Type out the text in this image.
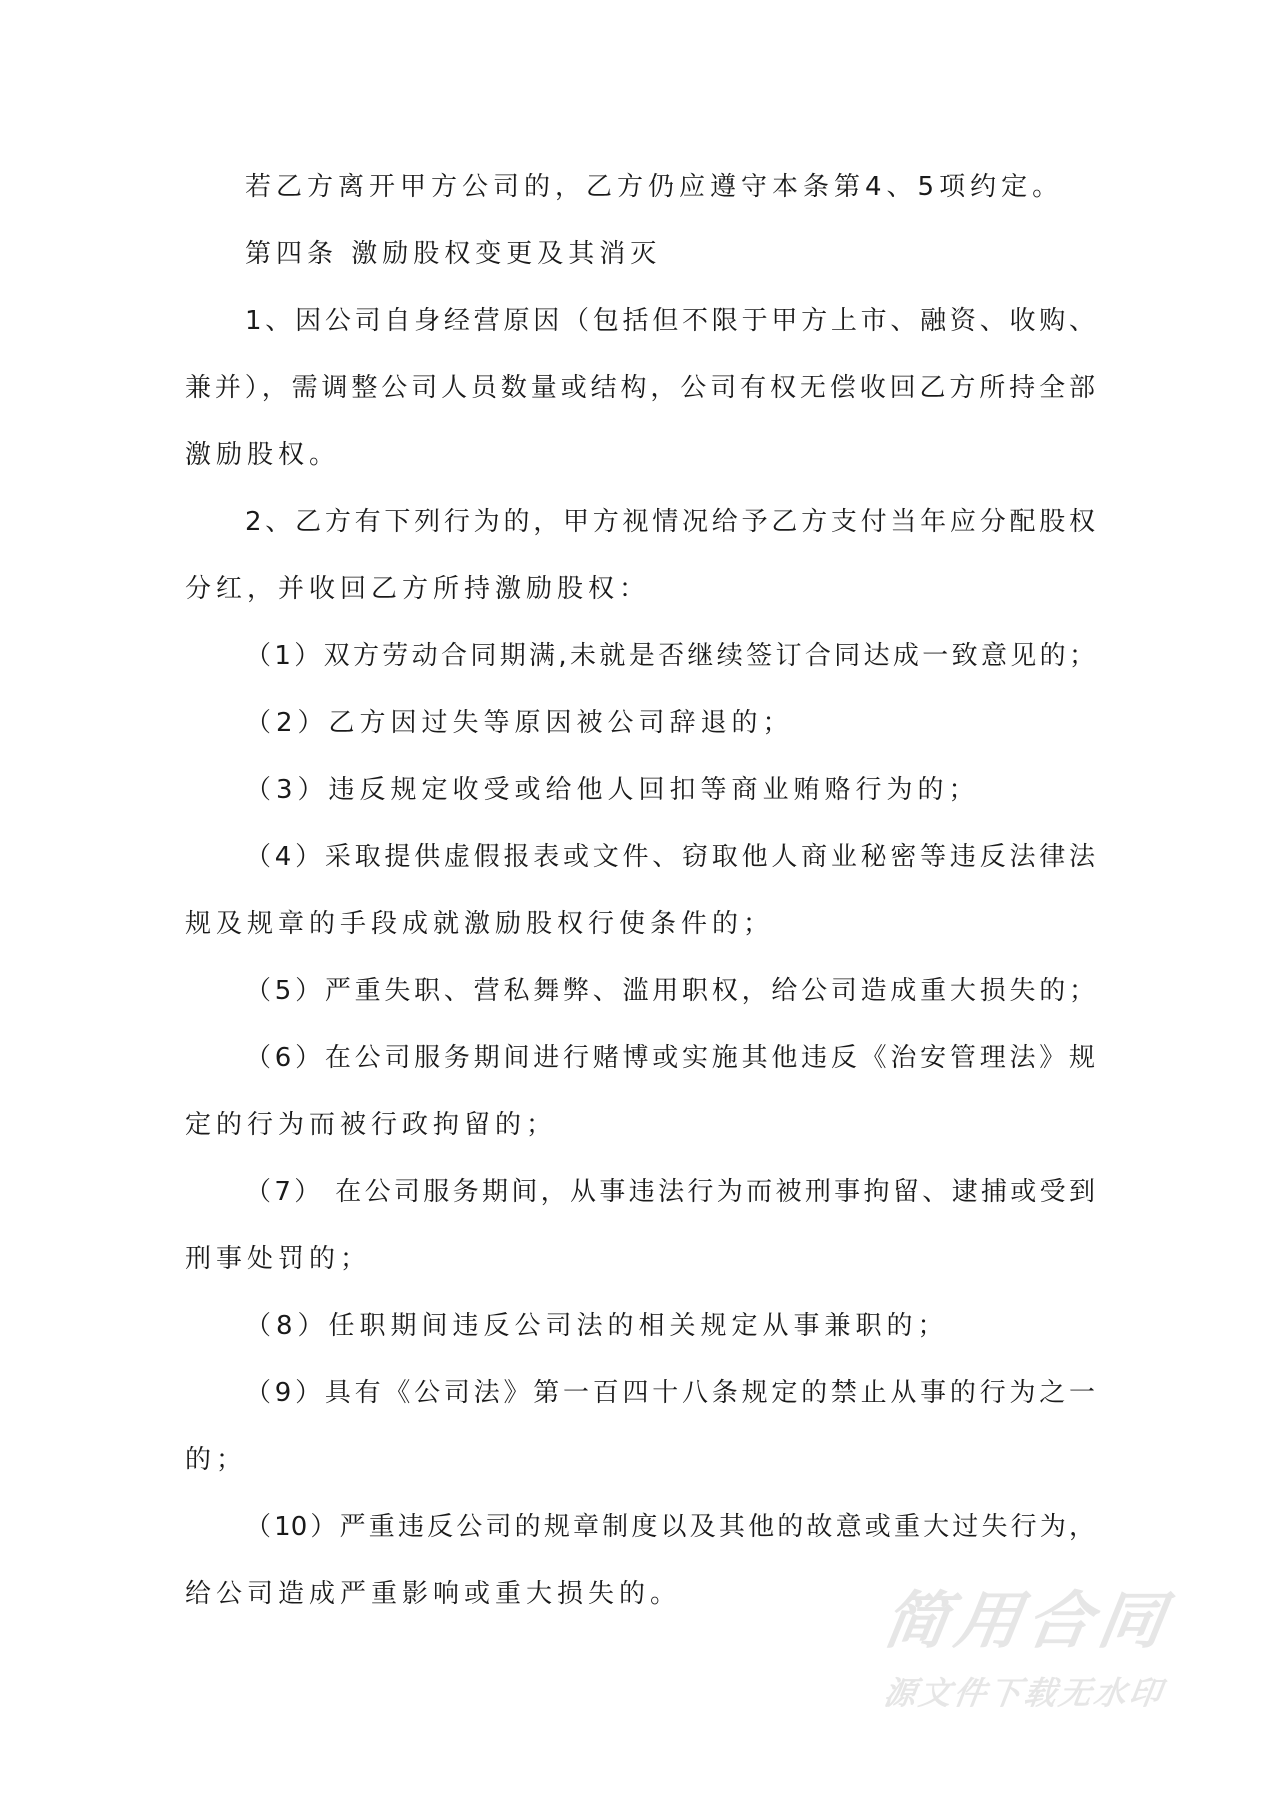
若乙方离开甲方公司的，乙方仍应遵守本条第4、5项约定。
第四条 激励股权变更及其消灭
1、因公司自身经营原因（包括但不限于甲方上市、融资、收购、
兼并），需调整公司人员数量或结构，公司有权无偿收回乙方所持全部
激励股权。
2、乙方有下列行为的，甲方视情况给予乙方支付当年应分配股权
分红，并收回乙方所持激励股权：
（1）双方劳动合同期满,未就是否继续签订合同达成一致意见的；
（2）乙方因过失等原因被公司辞退的；
（3）违反规定收受或给他人回扣等商业贿赂行为的；
（4）采取提供虚假报表或文件、窃取他人商业秘密等违反法律法
规及规章的手段成就激励股权行使条件的；
（5）严重失职、营私舞弊、滥用职权，给公司造成重大损失的；
（6）在公司服务期间进行赌博或实施其他违反《治安管理法》规
定的行为而被行政拘留的；
（7） 在公司服务期间，从事违法行为而被刑事拘留、逮捕或受到
刑事处罚的；
（8）任职期间违反公司法的相关规定从事兼职的；
（9）具有《公司法》第一百四十八条规定的禁止从事的行为之一
的；
（10）严重违反公司的规章制度以及其他的故意或重大过失行为，
给公司造成严重影响或重大损失的。	简用合同
源文件下载无水印
